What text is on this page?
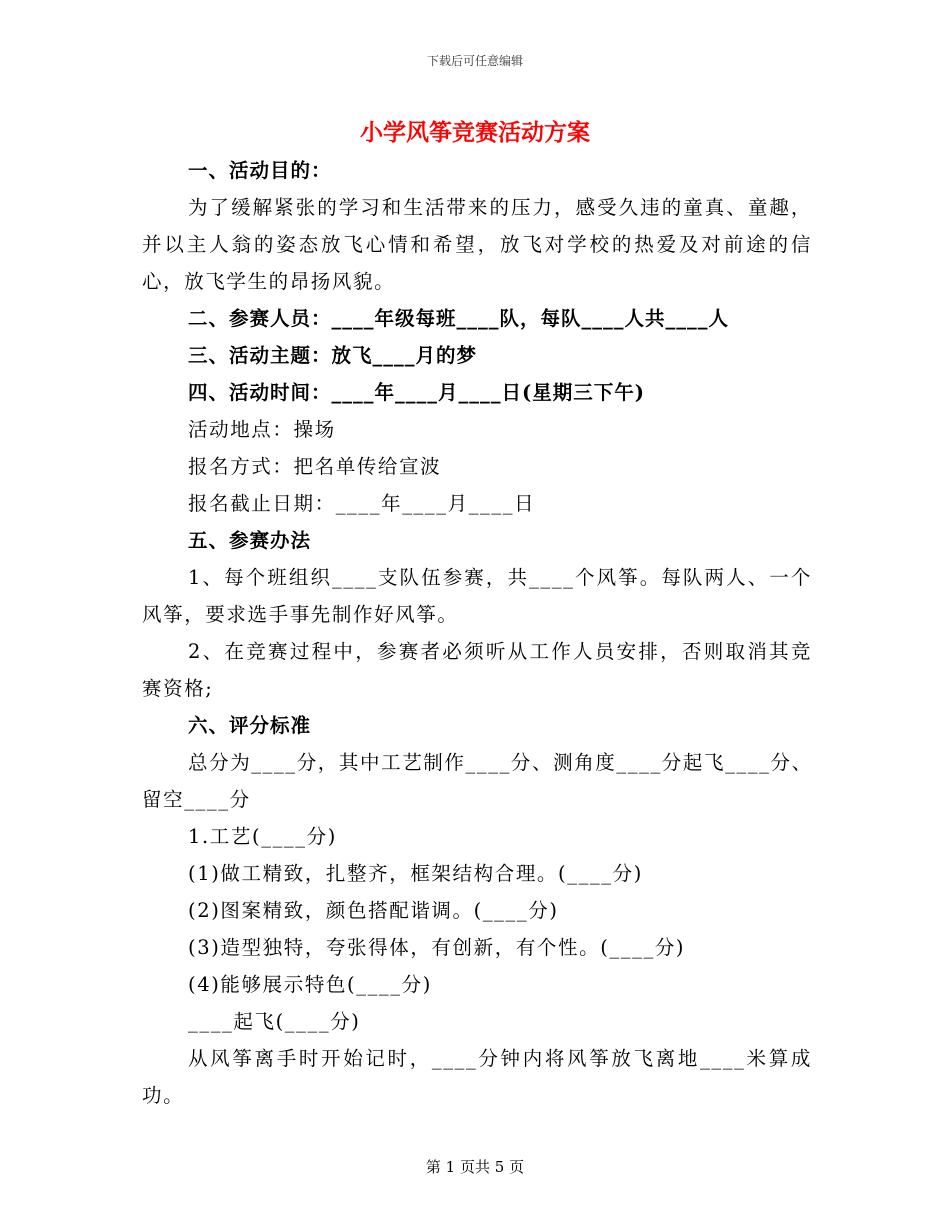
下载后可任意编辑
小学风筝竞赛活动方案
一、活动目的：
为了缓解紧张的学习和生活带来的压力，感受久违的童真、童趣，
并以主人翁的姿态放飞心情和希望，放飞对学校的热爱及对前途的信
心，放飞学生的昂扬风貌。
二、参赛人员：____年级每班____队，每队____人共____人
三、活动主题：放飞____月的梦
四、活动时间：____年____月____日(星期三下午)
活动地点：操场
报名方式：把名单传给宣波
报名截止日期：____年____月____日
五、参赛办法
1、每个班组织____支队伍参赛，共____个风筝。每队两人、一个
风筝，要求选手事先制作好风筝。
2、在竞赛过程中，参赛者必须听从工作人员安排，否则取消其竞
赛资格;
六、评分标准
总分为____分，其中工艺制作____分、测角度____分起飞____分、
留空____分
1.工艺(____分)
(1)做工精致，扎整齐，框架结构合理。(____分)
(2)图案精致，颜色搭配谐调。(____分)
(3)造型独特，夸张得体，有创新，有个性。(____分)
(4)能够展示特色(____分)
____起飞(____分)
从风筝离手时开始记时，____分钟内将风筝放飞离地____米算成
功。
第 1 页共 5 页
